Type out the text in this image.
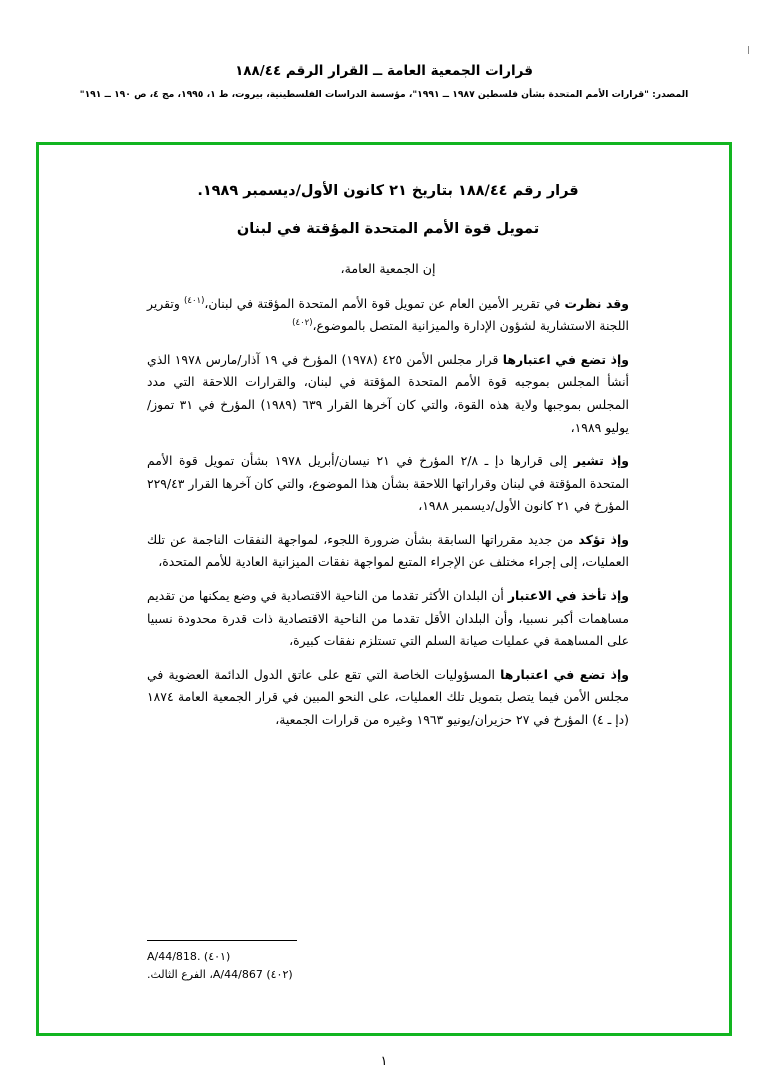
قرارات الجمعية العامة ــ القرار الرقم ١٨٨/٤٤
المصدر: "قرارات الأمم المتحدة بشأن فلسطين ١٩٨٧ ــ ١٩٩١"، مؤسسة الدراسات الفلسطينية، بيروت، ط ١، ١٩٩٥، مج ٤، ص ١٩٠ ــ ١٩١"
قرار رقم ١٨٨/٤٤ بتاريخ ٢١ كانون الأول/ديسمبر ١٩٨٩.
تمويل قوة الأمم المتحدة المؤقتة في لبنان
إن الجمعية العامة،

وقد نظرت في تقرير الأمين العام عن تمويل قوة الأمم المتحدة المؤقتة في لبنان،$^{(٤٠١)}$ وتقرير اللجنة الاستشارية لشؤون الإدارة والميزانية المتصل بالموضوع،$^{(٤٠٢)}$

وإذ تضع في اعتبارها قرار مجلس الأمن ٤٢٥ (١٩٧٨) المؤرخ في ١٩ آذار/مارس ١٩٧٨ الذي أنشأ المجلس بموجبه قوة الأمم المتحدة المؤقتة في لبنان، والقرارات اللاحقة التي مدد المجلس بموجبها ولاية هذه القوة، والتي كان آخرها القرار ٦٣٩ (١٩٨٩) المؤرخ في ٣١ تموز/يوليو ١٩٨٩،

وإذ تشير إلى قرارها دإ ـ ٢/٨ المؤرخ في ٢١ نيسان/أبريل ١٩٧٨ بشأن تمويل قوة الأمم المتحدة المؤقتة في لبنان وقراراتها اللاحقة بشأن هذا الموضوع، والتي كان آخرها القرار ٢٢٩/٤٣ المؤرخ في ٢١ كانون الأول/ديسمبر ١٩٨٨،

وإذ تؤكد من جديد مقرراتها السابقة بشأن ضرورة اللجوء، لمواجهة النفقات الناجمة عن تلك العمليات، إلى إجراء مختلف عن الإجراء المتبع لمواجهة نفقات الميزانية العادية للأمم المتحدة،

وإذ تأخذ في الاعتبار أن البلدان الأكثر تقدما من الناحية الاقتصادية في وضع يمكنها من تقديم مساهمات أكبر نسبيا، وأن البلدان الأقل تقدما من الناحية الاقتصادية ذات قدرة محدودة نسبيا على المساهمة في عمليات صيانة السلم التي تستلزم نفقات كبيرة،

وإذ تضع في اعتبارها المسؤوليات الخاصة التي تقع على عاتق الدول الدائمة العضوية في مجلس الأمن فيما يتصل بتمويل تلك العمليات، على النحو المبين في قرار الجمعية العامة ١٨٧٤ (دإ ـ ٤) المؤرخ في ٢٧ حزيران/يونيو ١٩٦٣ وغيره من قرارات الجمعية،

(٤٠١) .A/44/818
(٤٠٢) A/44/867، الفرع الثالث.
١
